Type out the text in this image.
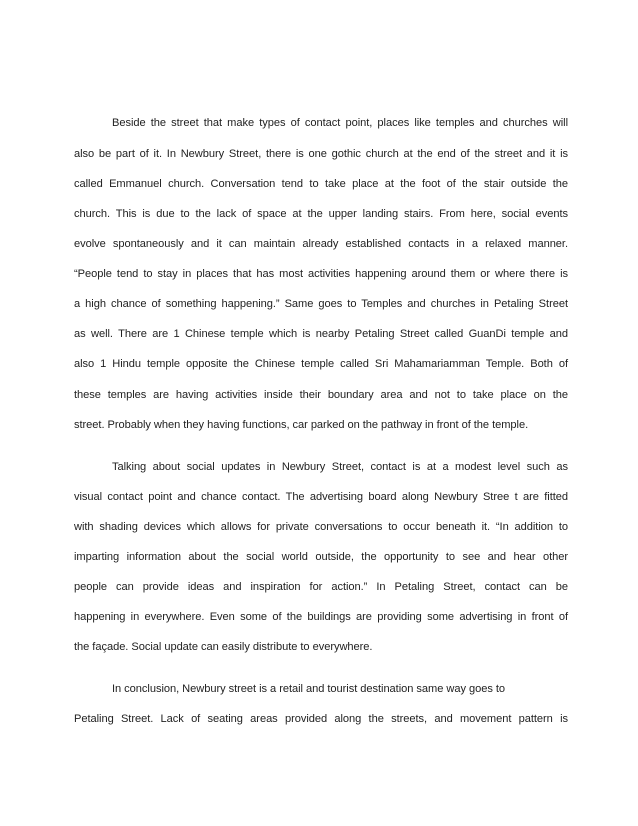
Beside the street that make types of contact point, places like temples and churches will

also be part of it. In Newbury Street, there is one gothic church at the end of the street and it is

called Emmanuel church. Conversation tend to take place at the foot of the stair outside the

church. This is due to the lack of space at the upper landing stairs. From here, social events

evolve spontaneously and it can maintain already established contacts in a relaxed manner.

“People tend to stay in places that has most activities happening around them or where there is

a high chance of something happening.” Same goes to Temples and churches in Petaling Street

as well. There are 1 Chinese temple which is nearby Petaling Street called GuanDi temple and

also 1 Hindu temple opposite the Chinese temple called Sri Mahamariamman Temple. Both of

these temples are having activities inside their boundary area and not to take place on the

street. Probably when they having functions, car parked on the pathway in front of the temple.

Talking about social updates in Newbury Street, contact is at a modest level such as

visual contact point and chance contact. The advertising board along Newbury Stree t are fitted

with shading devices which allows for private conversations to occur beneath it. “In addition to

imparting information about the social world outside, the opportunity to see and hear other

people can provide ideas and inspiration for action.” In Petaling Street, contact can be

happening in everywhere. Even some of the buildings are providing some advertising in front of

the façade. Social update can easily distribute to everywhere.

In conclusion, Newbury street is a retail and tourist destination same way goes to

Petaling Street. Lack of seating areas provided along the streets, and movement pattern is
